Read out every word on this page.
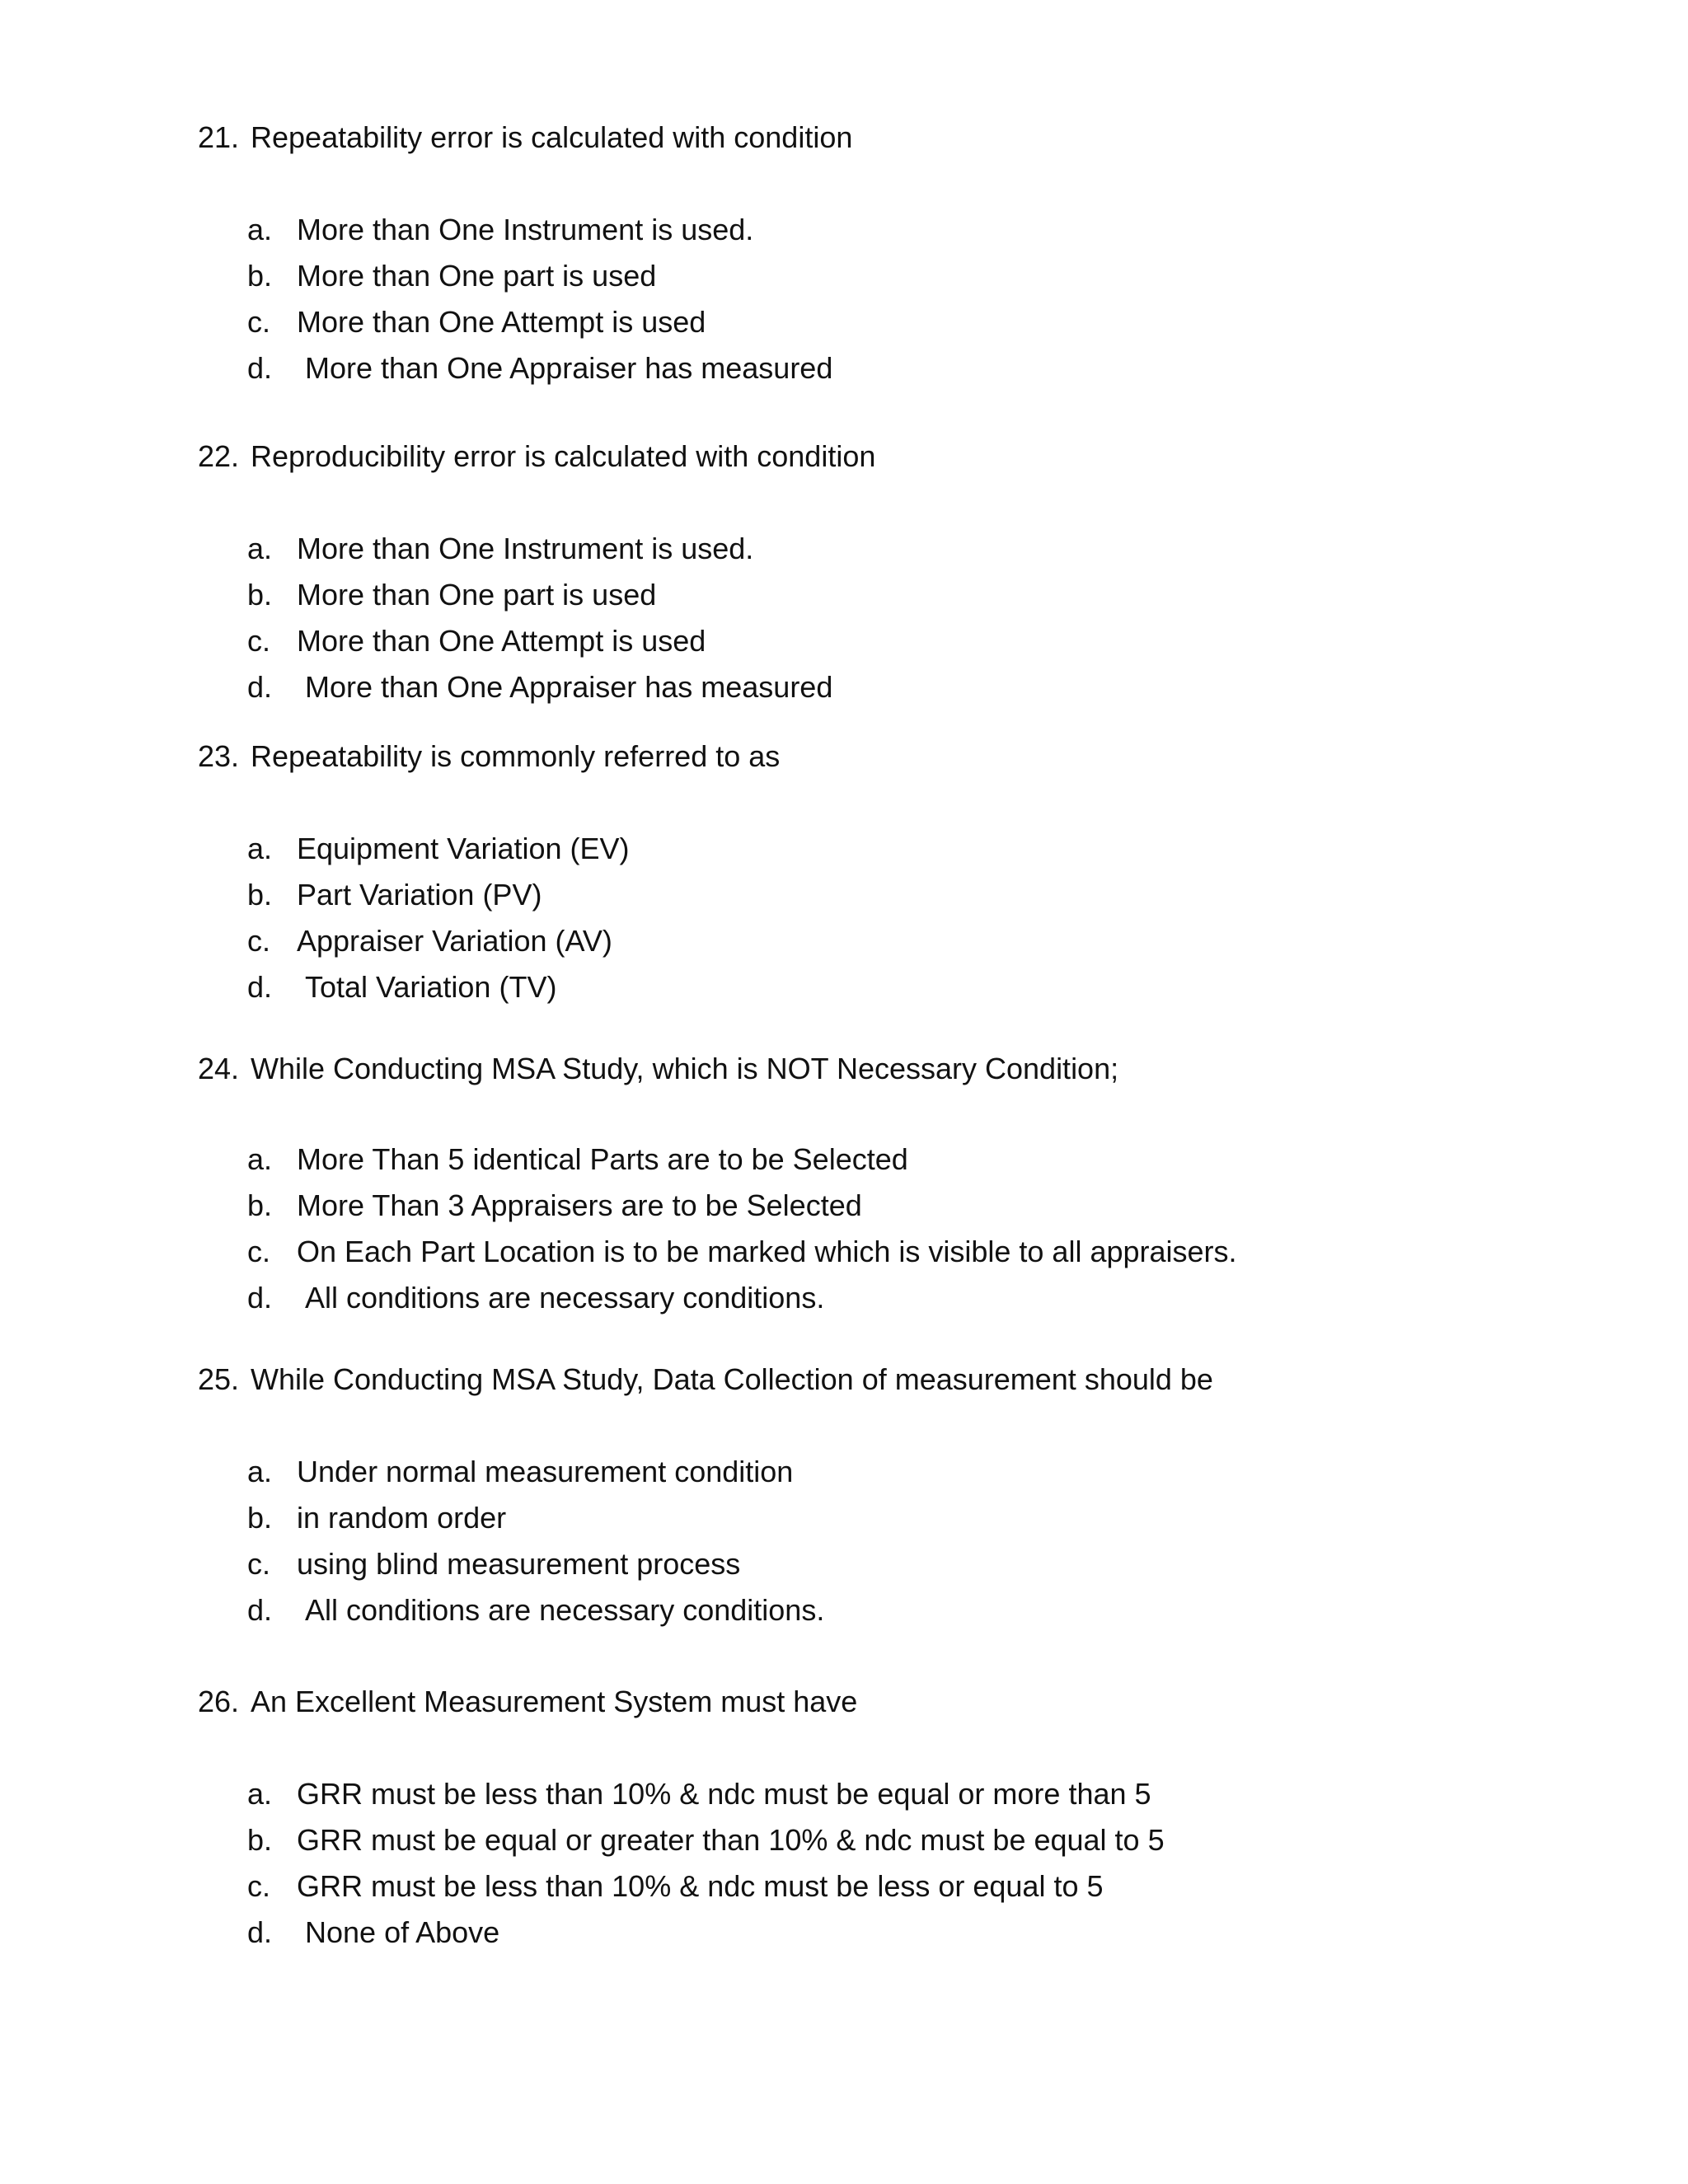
21. Repeatability error is calculated with condition
a. More than One Instrument is used.
b. More than One part is used
c. More than One Attempt is used
d. More than One Appraiser has measured
22. Reproducibility error is calculated with condition
a. More than One Instrument is used.
b. More than One part is used
c. More than One Attempt is used
d. More than One Appraiser has measured
23. Repeatability is commonly referred to as
a. Equipment Variation (EV)
b. Part Variation (PV)
c. Appraiser Variation (AV)
d. Total Variation (TV)
24. While Conducting MSA Study, which is NOT Necessary Condition;
a. More Than 5 identical Parts are to be Selected
b. More Than 3 Appraisers are to be Selected
c. On Each Part Location is to be marked which is visible to all appraisers.
d. All conditions are necessary conditions.
25. While Conducting MSA Study, Data Collection of measurement should be
a. Under normal measurement condition
b. in random order
c. using blind measurement process
d. All conditions are necessary conditions.
26. An Excellent Measurement System must have
a. GRR must be less than 10% & ndc must be equal or more than 5
b. GRR must be equal or greater than 10% & ndc must be equal to 5
c. GRR must be less than 10% & ndc must be less or equal to 5
d. None of Above
